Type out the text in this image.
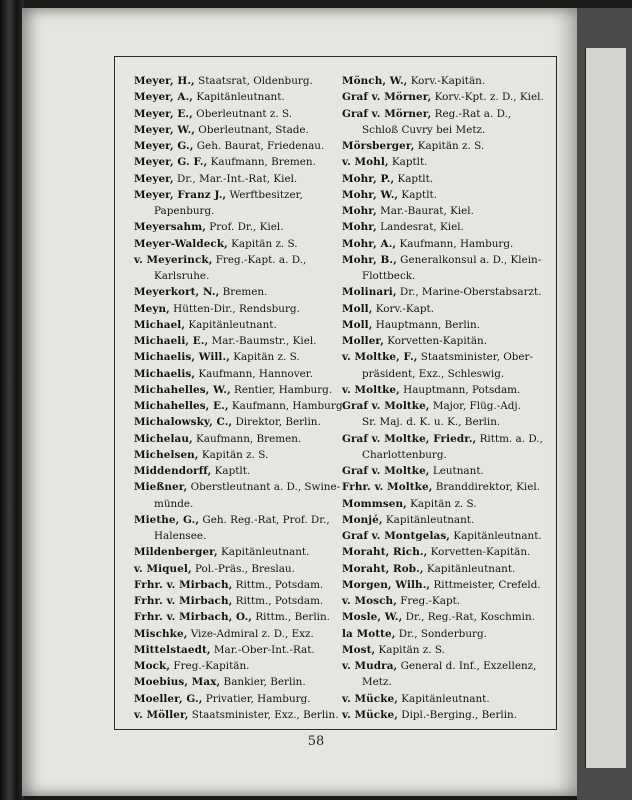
Meyer, H., Staatsrat, Oldenburg.
Meyer, A., Kapitänleutnant.
Meyer, E., Oberleutnant z. S.
Meyer, W., Oberleutnant, Stade.
Meyer, G., Geh. Baurat, Friedenau.
Meyer, G. F., Kaufmann, Bremen.
Meyer, Dr., Mar.-Int.-Rat, Kiel.
Meyer, Franz J., Werftbesitzer,
Papenburg.
Meyersahm, Prof. Dr., Kiel.
Meyer-Waldeck, Kapitän z. S.
v. Meyerinck, Freg.-Kapt. a. D.,
Karlsruhe.
Meyerkort, N., Bremen.
Meyn, Hütten-Dir., Rendsburg.
Michael, Kapitänleutnant.
Michaeli, E., Mar.-Baumstr., Kiel.
Michaelis, Will., Kapitän z. S.
Michaelis, Kaufmann, Hannover.
Michahelles, W., Rentier, Hamburg.
Michahelles, E., Kaufmann, Hamburg.
Michalowsky, C., Direktor, Berlin.
Michelau, Kaufmann, Bremen.
Michelsen, Kapitän z. S.
Middendorff, Kaptlt.
Mießner, Oberstleutnant a. D., Swine-
münde.
Miethe, G., Geh. Reg.-Rat, Prof. Dr.,
Halensee.
Mildenberger, Kapitänleutnant.
v. Miquel, Pol.-Präs., Breslau.
Frhr. v. Mirbach, Rittm., Potsdam.
Frhr. v. Mirbach, Rittm., Potsdam.
Frhr. v. Mirbach, O., Rittm., Berlin.
Mischke, Vize-Admiral z. D., Exz.
Mittelstaedt, Mar.-Ober-Int.-Rat.
Mock, Freg.-Kapitän.
Moebius, Max, Bankier, Berlin.
Moeller, G., Privatier, Hamburg.
v. Möller, Staatsminister, Exz., Berlin.
Mönch, W., Korv.-Kapitän.
Graf v. Mörner, Korv.-Kpt. z. D., Kiel.
Graf v. Mörner, Reg.-Rat a. D.,
Schloß Cuvry bei Metz.
Mörsberger, Kapitän z. S.
v. Mohl, Kaptlt.
Mohr, P., Kaptlt.
Mohr, W., Kaptlt.
Mohr, Mar.-Baurat, Kiel.
Mohr, Landesrat, Kiel.
Mohr, A., Kaufmann, Hamburg.
Mohr, B., Generalkonsul a. D., Klein-
Flottbeck.
Molinari, Dr., Marine-Oberstabsarzt.
Moll, Korv.-Kapt.
Moll, Hauptmann, Berlin.
Moller, Korvetten-Kapitän.
v. Moltke, F., Staatsminister, Ober-
präsident, Exz., Schleswig.
v. Moltke, Hauptmann, Potsdam.
Graf v. Moltke, Major, Flüg.-Adj.
Sr. Maj. d. K. u. K., Berlin.
Graf v. Moltke, Friedr., Rittm. a. D.,
Charlottenburg.
Graf v. Moltke, Leutnant.
Frhr. v. Moltke, Branddirektor, Kiel.
Mommsen, Kapitän z. S.
Monjé, Kapitänleutnant.
Graf v. Montgelas, Kapitänleutnant.
Moraht, Rich., Korvetten-Kapitän.
Moraht, Rob., Kapitänleutnant.
Morgen, Wilh., Rittmeister, Crefeld.
v. Mosch, Freg.-Kapt.
Mosle, W., Dr., Reg.-Rat, Koschmin.
la Motte, Dr., Sonderburg.
Most, Kapitän z. S.
v. Mudra, General d. Inf., Exzellenz,
Metz.
v. Mücke, Kapitänleutnant.
v. Mücke, Dipl.-Berging., Berlin.
58
